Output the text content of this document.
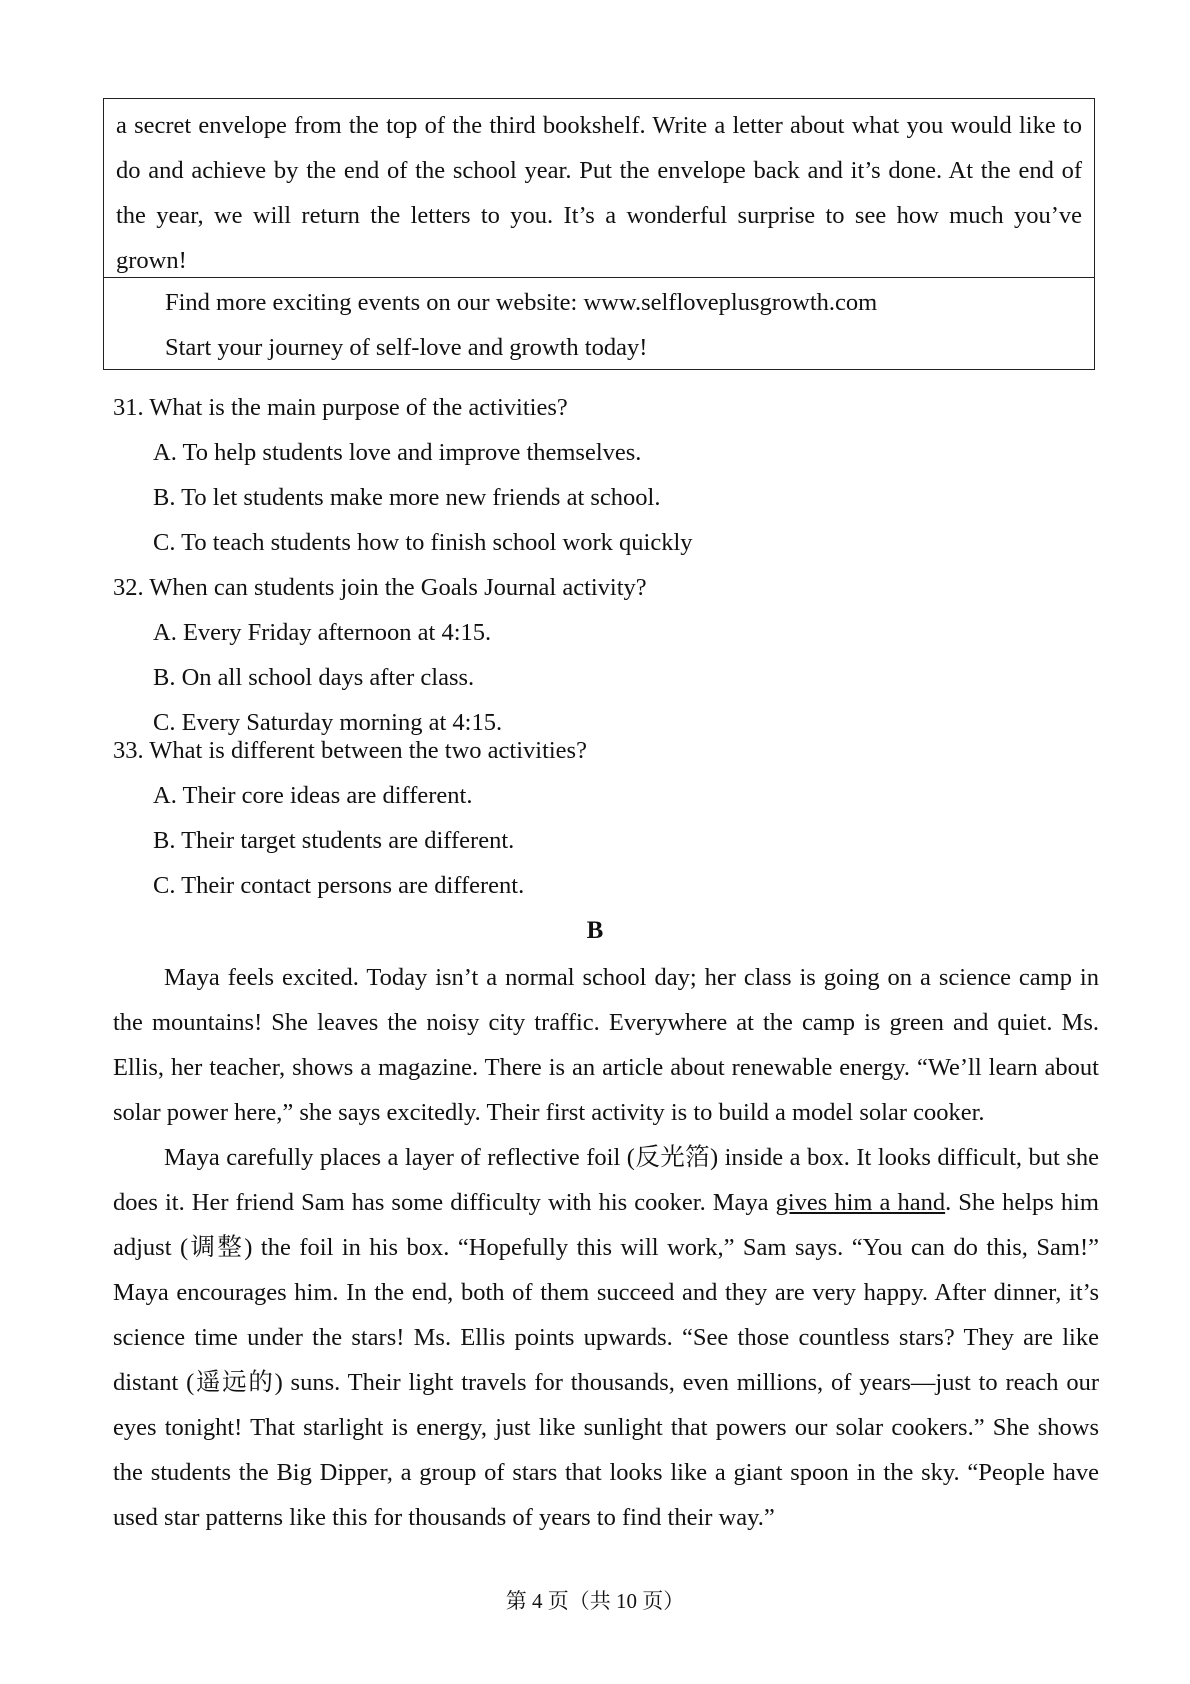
a secret envelope from the top of the third bookshelf. Write a letter about what you would like to do and achieve by the end of the school year. Put the envelope back and it’s done. At the end of the year, we will return the letters to you. It’s a wonderful surprise to see how much you’ve grown!
Find more exciting events on our website: www.selfloveplusgrowth.com
Start your journey of self-love and growth today!

31. What is the main purpose of the activities?

A. To help students love and improve themselves.

B. To let students make more new friends at school.

C. To teach students how to finish school work quickly

32. When can students join the Goals Journal activity?

A. Every Friday afternoon at 4:15.

B. On all school days after class.

C. Every Saturday morning at 4:15.

33. What is different between the two activities?

A. Their core ideas are different.

B. Their target students are different.

C. Their contact persons are different.

B

Maya feels excited. Today isn’t a normal school day; her class is going on a science camp in the mountains! She leaves the noisy city traffic. Everywhere at the camp is green and quiet. Ms. Ellis, her teacher, shows a magazine. There is an article about renewable energy. “We’ll learn about solar power here,” she says excitedly. Their first activity is to build a model solar cooker.

Maya carefully places a layer of reflective foil (反光箔) inside a box. It looks difficult, but she does it. Her friend Sam has some difficulty with his cooker. Maya gives him a hand. She helps him adjust (调整) the foil in his box. “Hopefully this will work,” Sam says. “You can do this, Sam!” Maya encourages him. In the end, both of them succeed and they are very happy. After dinner, it’s science time under the stars! Ms. Ellis points upwards. “See those countless stars? They are like distant (遥远的) suns. Their light travels for thousands, even millions, of years—just to reach our eyes tonight! That starlight is energy, just like sunlight that powers our solar cookers.” She shows the students the Big Dipper, a group of stars that looks like a giant spoon in the sky. “People have used star patterns like this for thousands of years to find their way.”

第 4 页（共 10 页）
